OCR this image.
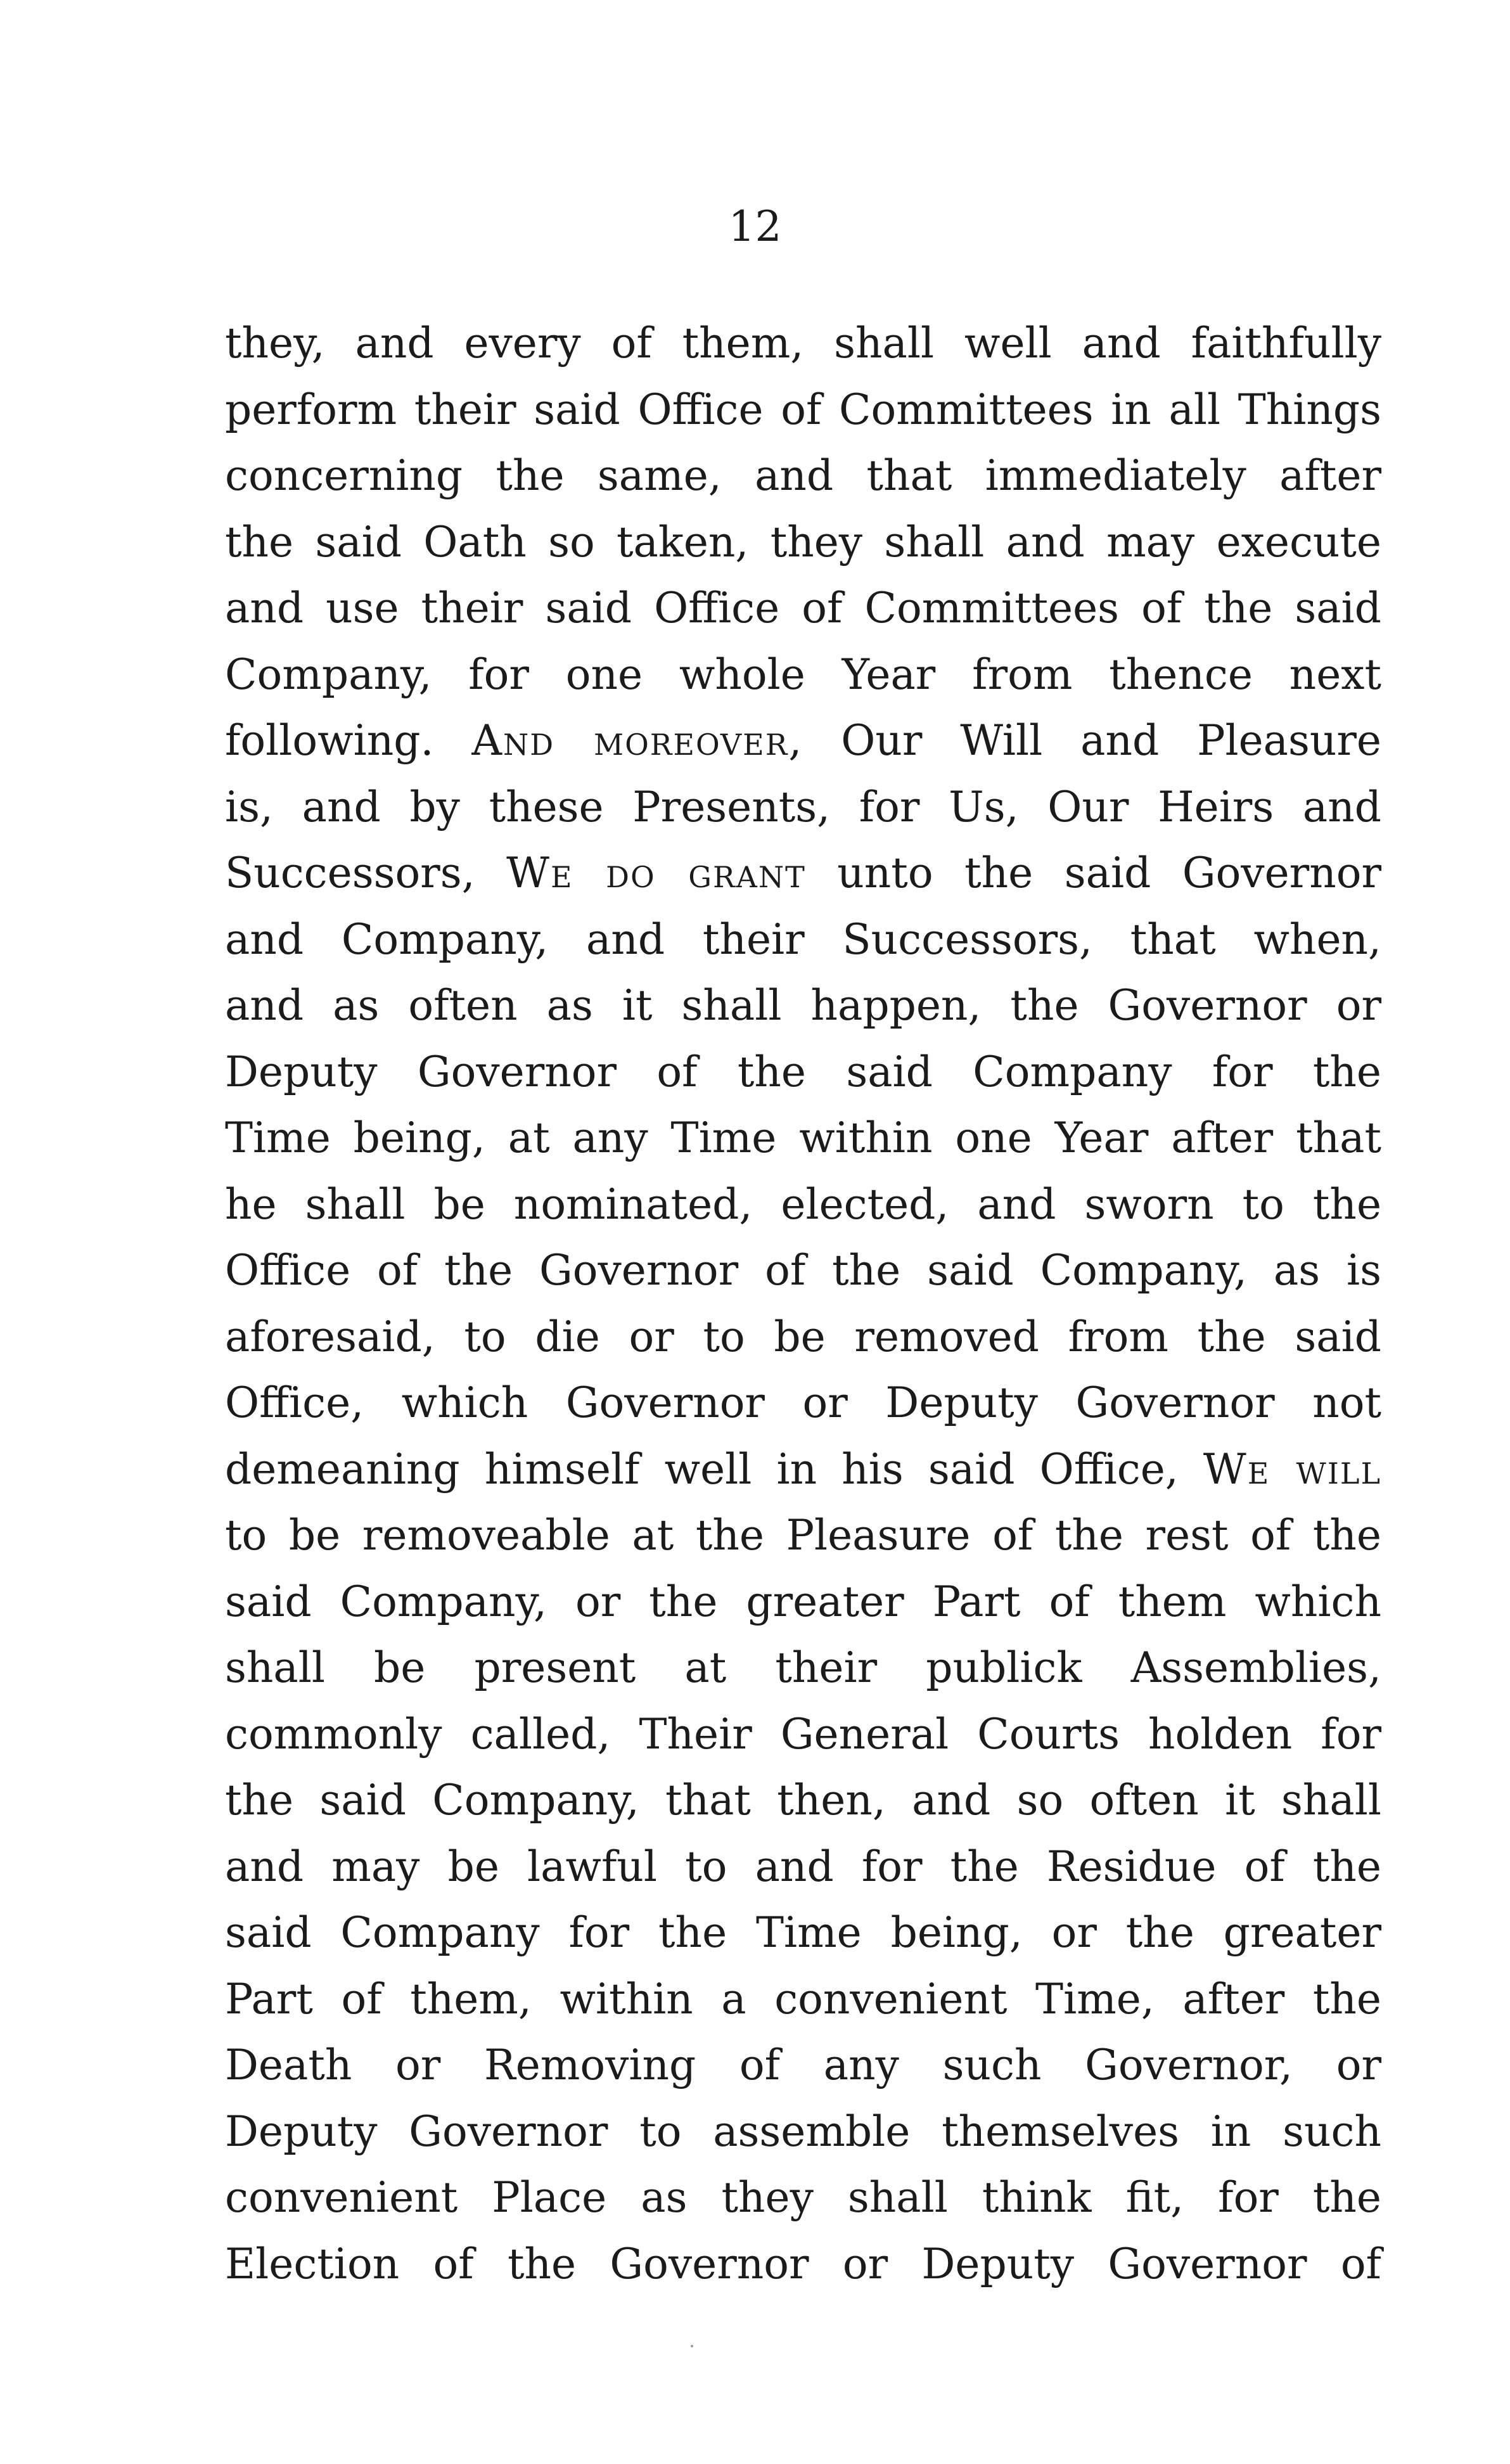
12
they, and every of them, shall well and faithfully
perform their said Office of Committees in all Things
concerning the same, and that immediately after
the said Oath so taken, they shall and may execute
and use their said Office of Committees of the said
Company, for one whole Year from thence next
following. And moreover, Our Will and Pleasure
is, and by these Presents, for Us, Our Heirs and
Successors, We do grant unto the said Governor
and Company, and their Successors, that when,
and as often as it shall happen, the Governor or
Deputy Governor of the said Company for the
Time being, at any Time within one Year after that
he shall be nominated, elected, and sworn to the
Office of the Governor of the said Company, as is
aforesaid, to die or to be removed from the said
Office, which Governor or Deputy Governor not
demeaning himself well in his said Office, We will
to be removeable at the Pleasure of the rest of the
said Company, or the greater Part of them which
shall be present at their publick Assemblies,
commonly called, Their General Courts holden for
the said Company, that then, and so often it shall
and may be lawful to and for the Residue of the
said Company for the Time being, or the greater
Part of them, within a convenient Time, after the
Death or Removing of any such Governor, or
Deputy Governor to assemble themselves in such
convenient Place as they shall think fit, for the
Election of the Governor or Deputy Governor of
